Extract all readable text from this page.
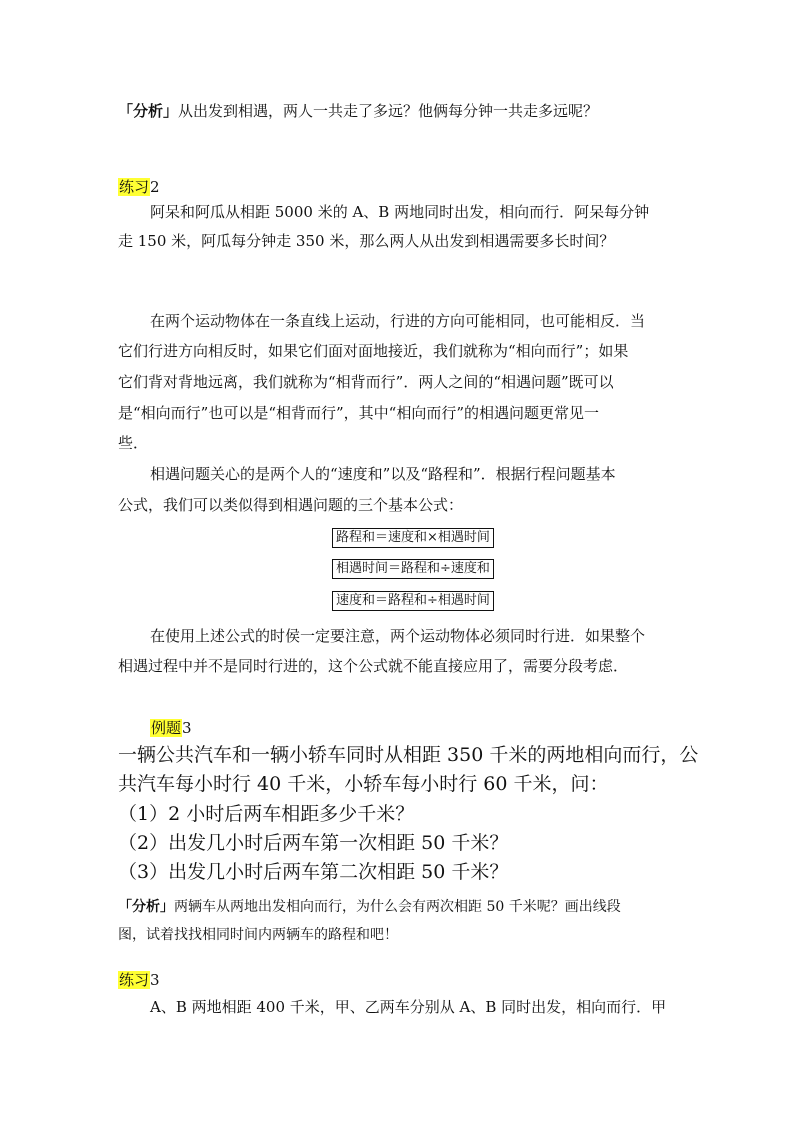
「分析」从出发到相遇，两人一共走了多远？他俩每分钟一共走多远呢？
练习2
阿呆和阿瓜从相距 5000 米的 A、B 两地同时出发，相向而行．阿呆每分钟
走 150 米，阿瓜每分钟走 350 米，那么两人从出发到相遇需要多长时间？
在两个运动物体在一条直线上运动，行进的方向可能相同，也可能相反．当
它们行进方向相反时，如果它们面对面地接近，我们就称为“相向而行”；如果
它们背对背地远离，我们就称为“相背而行”．两人之间的“相遇问题”既可以
是“相向而行”也可以是“相背而行”，其中“相向而行”的相遇问题更常见一
些．
相遇问题关心的是两个人的“速度和”以及“路程和”．根据行程问题基本
公式，我们可以类似得到相遇问题的三个基本公式：
路程和＝速度和×相遇时间
相遇时间＝路程和÷速度和
速度和＝路程和÷相遇时间
在使用上述公式的时侯一定要注意，两个运动物体必须同时行进．如果整个
相遇过程中并不是同时行进的，这个公式就不能直接应用了，需要分段考虑．
例题3
一辆公共汽车和一辆小轿车同时从相距 350 千米的两地相向而行，公
共汽车每小时行 40 千米，小轿车每小时行 60 千米，问：
（1）2 小时后两车相距多少千米？
（2）出发几小时后两车第一次相距 50 千米？
（3）出发几小时后两车第二次相距 50 千米？
「分析」两辆车从两地出发相向而行，为什么会有两次相距 50 千米呢？画出线段
图，试着找找相同时间内两辆车的路程和吧！
练习3
A、B 两地相距 400 千米，甲、乙两车分别从 A、B 同时出发，相向而行．甲
